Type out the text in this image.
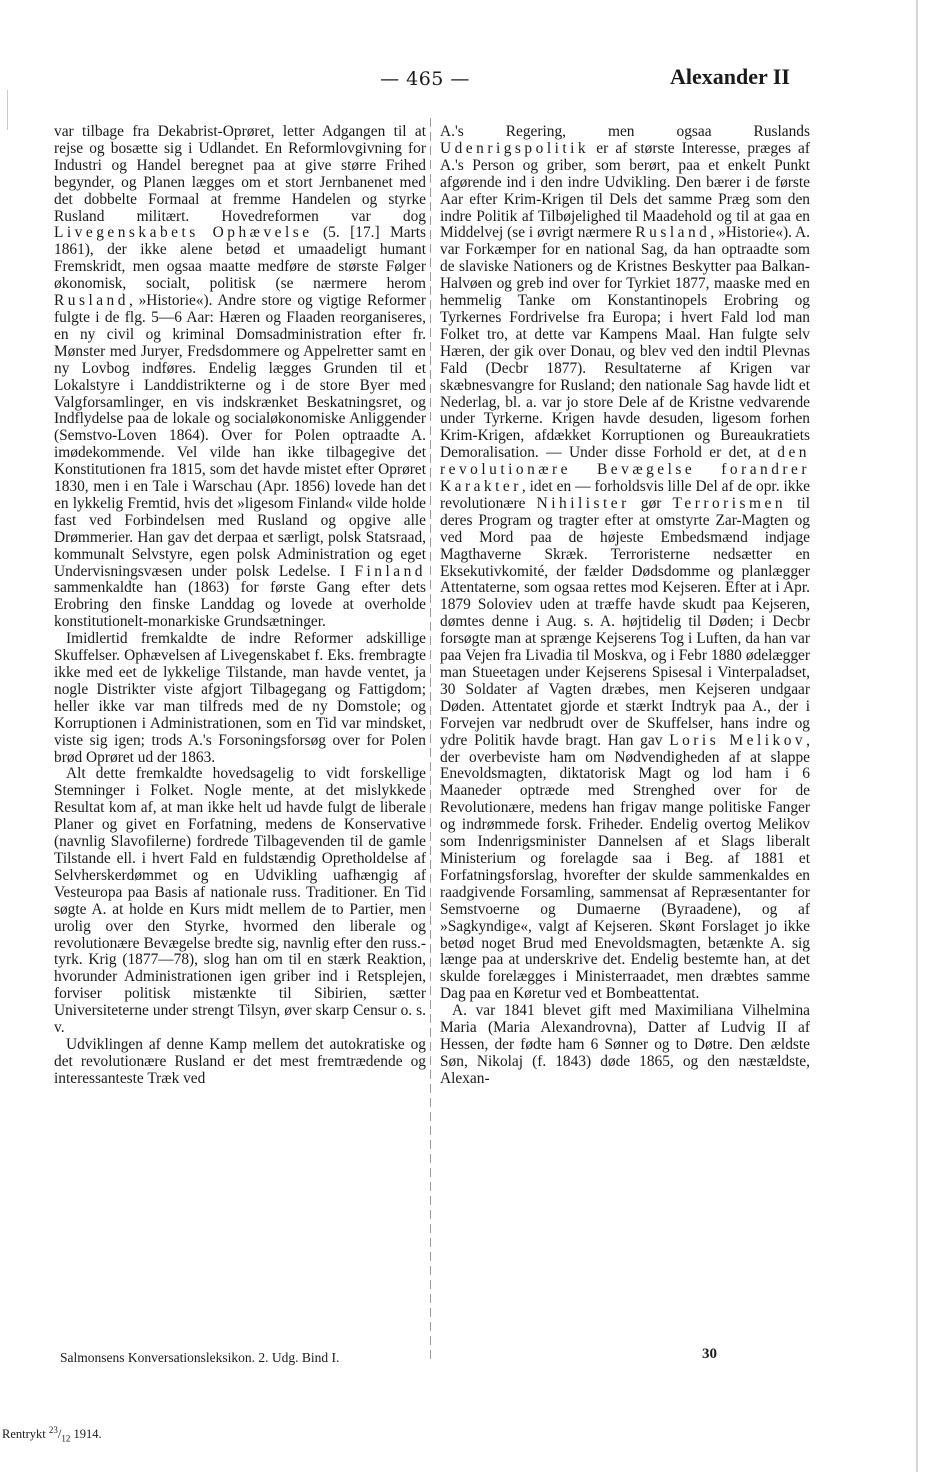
— 465 —	Alexander II

var tilbage fra Dekabrist-Oprøret, letter Adgangen til at rejse og bosætte sig i Udlandet. En Reformlovgivning for Industri og Handel beregnet paa at give større Frihed begynder, og Planen lægges om et stort Jernbanenet med det dobbelte Formaal at fremme Handelen og styrke Rusland militært. Hovedreformen var dog Livegenskabets Ophævelse (5. [17.] Marts 1861), der ikke alene betød et umaadeligt humant Fremskridt, men ogsaa maatte medføre de største Følger økonomisk, socialt, politisk (se nærmere herom Rusland, »Historie«). Andre store og vigtige Reformer fulgte i de flg. 5—6 Aar: Hæren og Flaaden reorganiseres, en ny civil og kriminal Domsadministration efter fr. Mønster med Juryer, Fredsdommere og Appelretter samt en ny Lovbog indføres. Endelig lægges Grunden til et Lokalstyre i Landdistrikterne og i de store Byer med Valgforsamlinger, en vis indskrænket Beskatningsret, og Indflydelse paa de lokale og socialøkonomiske Anliggender (Semstvo-Loven 1864). Over for Polen optraadte A. imødekommende. Vel vilde han ikke tilbagegive det Konstitutionen fra 1815, som det havde mistet efter Oprøret 1830, men i en Tale i Warschau (Apr. 1856) lovede han det en lykkelig Fremtid, hvis det »ligesom Finland« vilde holde fast ved Forbindelsen med Rusland og opgive alle Drømmerier. Han gav det derpaa et særligt, polsk Statsraad, kommunalt Selvstyre, egen polsk Administration og eget Undervisningsvæsen under polsk Ledelse. I Finland sammenkaldte han (1863) for første Gang efter dets Erobring den finske Landdag og lovede at overholde konstitutionelt-monarkiske Grundsætninger.

Imidlertid fremkaldte de indre Reformer adskillige Skuffelser. Ophævelsen af Livegenskabet f. Eks. frembragte ikke med eet de lykkelige Tilstande, man havde ventet, ja nogle Distrikter viste afgjort Tilbagegang og Fattigdom; heller ikke var man tilfreds med de ny Domstole; og Korruptionen i Administrationen, som en Tid var mindsket, viste sig igen; trods A.'s Forsoningsforsøg over for Polen brød Oprøret ud der 1863.

Alt dette fremkaldte hovedsagelig to vidt forskellige Stemninger i Folket. Nogle mente, at det mislykkede Resultat kom af, at man ikke helt ud havde fulgt de liberale Planer og givet en Forfatning, medens de Konservative (navnlig Slavofilerne) fordrede Tilbagevenden til de gamle Tilstande ell. i hvert Fald en fuldstændig Opretholdelse af Selvherskerdømmet og en Udvikling uafhængig af Vesteuropa paa Basis af nationale russ. Traditioner. En Tid søgte A. at holde en Kurs midt mellem de to Partier, men urolig over den Styrke, hvormed den liberale og revolutionære Bevægelse bredte sig, navnlig efter den russ.-tyrk. Krig (1877—78), slog han om til en stærk Reaktion, hvorunder Administrationen igen griber ind i Retsplejen, forviser politisk mistænkte til Sibirien, sætter Universiteterne under strengt Tilsyn, øver skarp Censur o. s. v.

Udviklingen af denne Kamp mellem det autokratiske og det revolutionære Rusland er det mest fremtrædende og interessanteste Træk ved

A.'s Regering, men ogsaa Ruslands Udenrigspolitik er af største Interesse, præges af A.'s Person og griber, som berørt, paa et enkelt Punkt afgørende ind i den indre Udvikling. Den bærer i de første Aar efter Krim-Krigen til Dels det samme Præg som den indre Politik af Tilbøjelighed til Maadehold og til at gaa en Middelvej (se i øvrigt nærmere Rusland, »Historie«). A. var Forkæmper for en national Sag, da han optraadte som de slaviske Nationers og de Kristnes Beskytter paa Balkan-Halvøen og greb ind over for Tyrkiet 1877, maaske med en hemmelig Tanke om Konstantinopels Erobring og Tyrkernes Fordrivelse fra Europa; i hvert Fald lod man Folket tro, at dette var Kampens Maal. Han fulgte selv Hæren, der gik over Donau, og blev ved den indtil Plevnas Fald (Decbr 1877). Resultaterne af Krigen var skæbnesvangre for Rusland; den nationale Sag havde lidt et Nederlag, bl. a. var jo store Dele af de Kristne vedvarende under Tyrkerne. Krigen havde desuden, ligesom forhen Krim-Krigen, afdækket Korruptionen og Bureaukratiets Demoralisation. — Under disse Forhold er det, at den revolutionære Bevægelse forandrer Karakter, idet en — forholdsvis lille Del af de opr. ikke revolutionære Nihilister gør Terrorismen til deres Program og tragter efter at omstyrte Zar-Magten og ved Mord paa de højeste Embedsmænd indjage Magthaverne Skræk. Terroristerne nedsætter en Eksekutivkomité, der fælder Dødsdomme og planlægger Attentaterne, som ogsaa rettes mod Kejseren. Efter at i Apr. 1879 Soloviev uden at træffe havde skudt paa Kejseren, dømtes denne i Aug. s. A. højtidelig til Døden; i Decbr forsøgte man at sprænge Kejserens Tog i Luften, da han var paa Vejen fra Livadia til Moskva, og i Febr 1880 ødelægger man Stueetagen under Kejserens Spisesal i Vinterpaladset, 30 Soldater af Vagten dræbes, men Kejseren undgaar Døden. Attentatet gjorde et stærkt Indtryk paa A., der i Forvejen var nedbrudt over de Skuffelser, hans indre og ydre Politik havde bragt. Han gav Loris Melikov, der overbeviste ham om Nødvendigheden af at slappe Enevoldsmagten, diktatorisk Magt og lod ham i 6 Maaneder optræde med Strenghed over for de Revolutionære, medens han frigav mange politiske Fanger og indrømmede forsk. Friheder. Endelig overtog Melikov som Indenrigsminister Dannelsen af et Slags liberalt Ministerium og forelagde saa i Beg. af 1881 et Forfatningsforslag, hvorefter der skulde sammenkaldes en raadgivende Forsamling, sammensat af Repræsentanter for Semstvoerne og Dumaerne (Byraadene), og af »Sagkyndige«, valgt af Kejseren. Skønt Forslaget jo ikke betød noget Brud med Enevoldsmagten, betænkte A. sig længe paa at underskrive det. Endelig bestemte han, at det skulde forelægges i Ministerraadet, men dræbtes samme Dag paa en Køretur ved et Bombeattentat.

A. var 1841 blevet gift med Maximiliana Vilhelmina Maria (Maria Alexandrovna), Datter af Ludvig II af Hessen, der fødte ham 6 Sønner og to Døtre. Den ældste Søn, Nikolaj (f. 1843) døde 1865, og den næstældste, Alexan-

Salmonsens Konversationsleksikon. 2. Udg. Bind I.	30
Rentrykt $^{23}/_{12}$ 1914.
